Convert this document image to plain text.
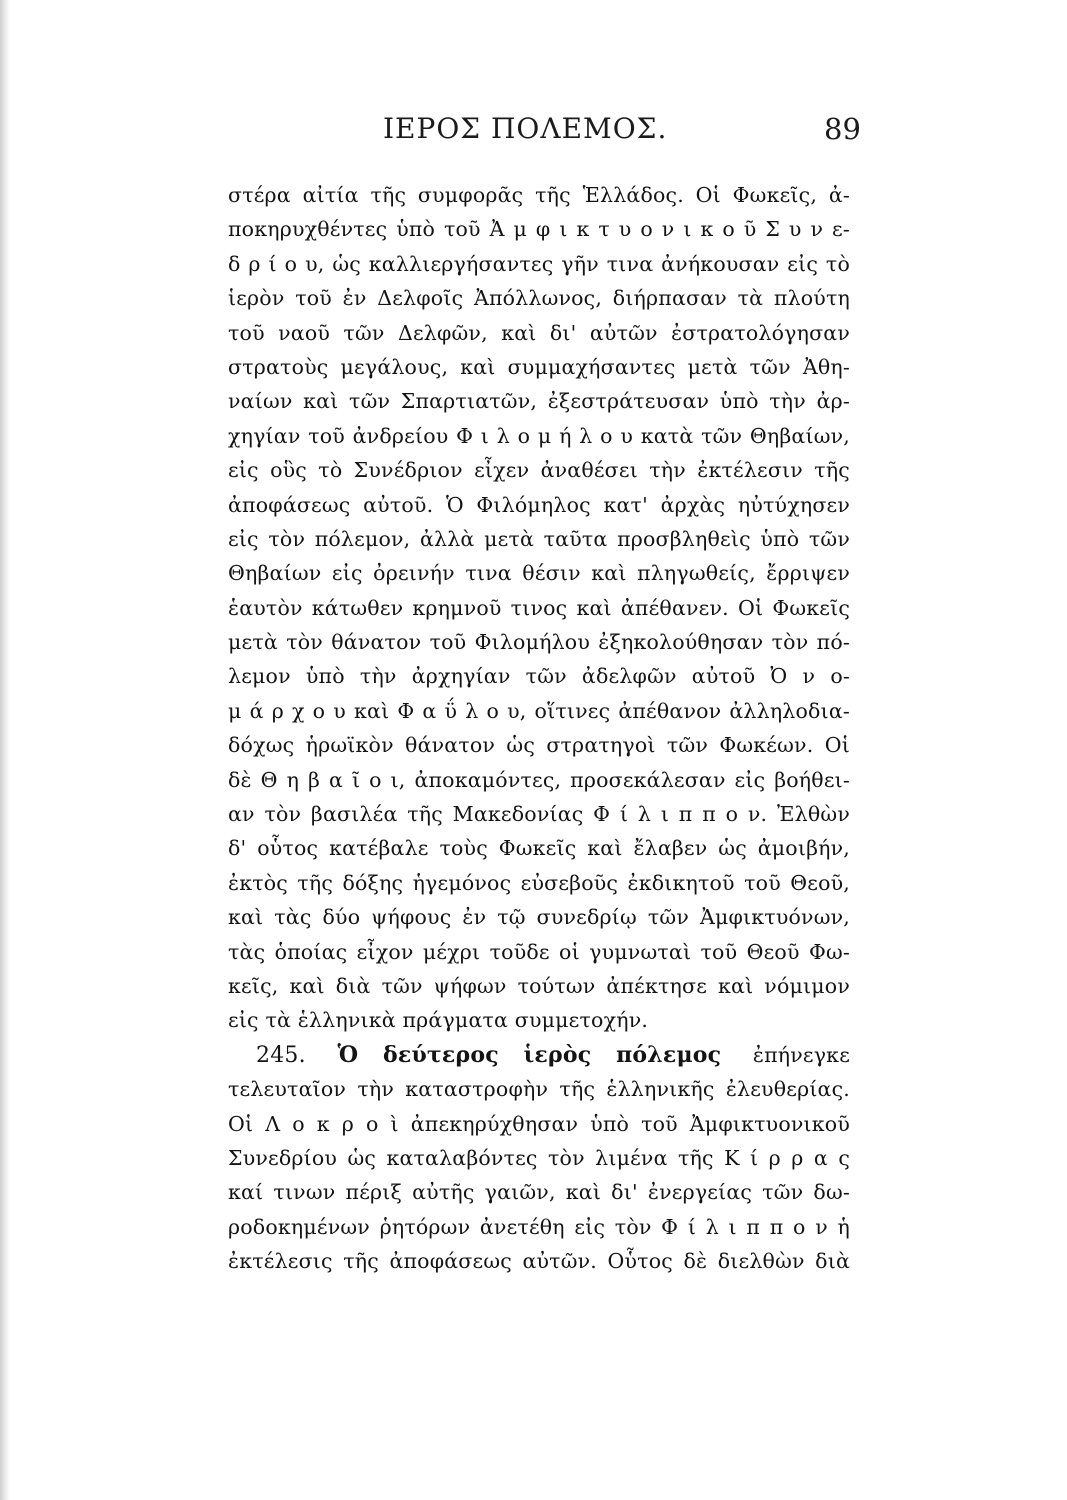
ΙΕΡΟΣ ΠΟΛΕΜΟΣ.	89
στέρα αἰτία τῆς συμφορᾶς τῆς Ἑλλάδος. Οἱ Φωκεῖς, ἀ-
ποκηρυχθέντες ὑπὸ τοῦ Ἀ μ φ ι κ τ υ ο ν ι κ ο ῦ Σ υ ν ε-
δ ρ ί ο υ, ὡς καλλιεργήσαντες γῆν τινα ἀνήκουσαν εἰς τὸ
ἱερὸν τοῦ ἐν Δελφοῖς Ἀπόλλωνος, διήρπασαν τὰ πλούτη
τοῦ ναοῦ τῶν Δελφῶν, καὶ δι' αὐτῶν ἐστρατολόγησαν
στρατοὺς μεγάλους, καὶ συμμαχήσαντες μετὰ τῶν Ἀθη-
ναίων καὶ τῶν Σπαρτιατῶν, ἐξεστράτευσαν ὑπὸ τὴν ἀρ-
χηγίαν τοῦ ἀνδρείου Φ ι λ ο μ ή λ ο υ κατὰ τῶν Θηβαίων,
εἰς οὓς τὸ Συνέδριον εἶχεν ἀναθέσει τὴν ἐκτέλεσιν τῆς
ἀποφάσεως αὐτοῦ. Ὁ Φιλόμηλος κατ' ἀρχὰς ηὐτύχησεν
εἰς τὸν πόλεμον, ἀλλὰ μετὰ ταῦτα προσβληθεὶς ὑπὸ τῶν
Θηβαίων εἰς ὀρεινήν τινα θέσιν καὶ πληγωθείς, ἔρριψεν
ἑαυτὸν κάτωθεν κρημνοῦ τινος καὶ ἀπέθανεν. Οἱ Φωκεῖς
μετὰ τὸν θάνατον τοῦ Φιλομήλου ἐξηκολούθησαν τὸν πό-
λεμον ὑπὸ τὴν ἀρχηγίαν τῶν ἀδελφῶν αὐτοῦ Ὀ ν ο-
μ ά ρ χ ο υ καὶ Φ α ΰ λ ο υ, οἵτινες ἀπέθανον ἀλληλοδια-
δόχως ἡρωϊκὸν θάνατον ὡς στρατηγοὶ τῶν Φωκέων. Οἱ
δὲ Θ η β α ῖ ο ι, ἀποκαμόντες, προσεκάλεσαν εἰς βοήθει-
αν τὸν βασιλέα τῆς Μακεδονίας Φ ί λ ι π π ο ν. Ἐλθὼν
δ' οὗτος κατέβαλε τοὺς Φωκεῖς καὶ ἔλαβεν ὡς ἀμοιβήν,
ἐκτὸς τῆς δόξης ἡγεμόνος εὐσεβοῦς ἐκδικητοῦ τοῦ Θεοῦ,
καὶ τὰς δύο ψήφους ἐν τῷ συνεδρίῳ τῶν Ἀμφικτυόνων,
τὰς ὁποίας εἶχον μέχρι τοῦδε οἱ γυμνωταὶ τοῦ Θεοῦ Φω-
κεῖς, καὶ διὰ τῶν ψήφων τούτων ἀπέκτησε καὶ νόμιμον
εἰς τὰ ἑλληνικὰ πράγματα συμμετοχήν.
245. Ὁ δεύτερος ἱερὸς πόλεμος ἐπήνεγκε
τελευταῖον τὴν καταστροφὴν τῆς ἑλληνικῆς ἐλευθερίας.
Οἱ Λ ο κ ρ ο ὶ ἀπεκηρύχθησαν ὑπὸ τοῦ Ἀμφικτυονικοῦ
Συνεδρίου ὡς καταλαβόντες τὸν λιμένα τῆς Κ ί ρ ρ α ς
καί τινων πέριξ αὐτῆς γαιῶν, καὶ δι' ἐνεργείας τῶν δω-
ροδοκημένων ῥητόρων ἀνετέθη εἰς τὸν Φ ί λ ι π π ο ν ἡ
ἐκτέλεσις τῆς ἀποφάσεως αὐτῶν. Οὗτος δὲ διελθὼν διὰ
